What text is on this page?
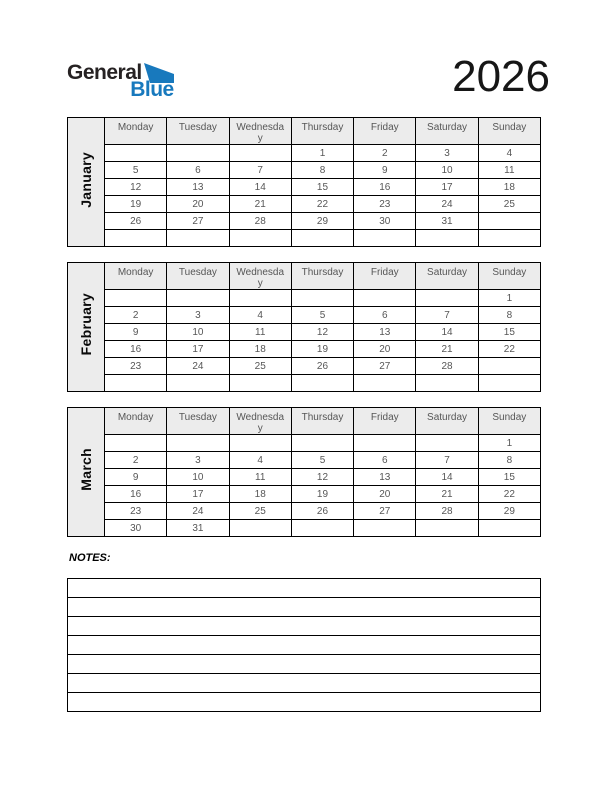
General
Blue	2026
January	Monday	Tuesday	Wednesday	Thursday	Friday	Saturday	Sunday
				1	2	3	4
	5	6	7	8	9	10	11
	12	13	14	15	16	17	18
	19	20	21	22	23	24	25
	26	27	28	29	30	31	

February	Monday	Tuesday	Wednesday	Thursday	Friday	Saturday	Sunday
							1
	2	3	4	5	6	7	8
	9	10	11	12	13	14	15
	16	17	18	19	20	21	22
	23	24	25	26	27	28	

March	Monday	Tuesday	Wednesday	Thursday	Friday	Saturday	Sunday
							1
	2	3	4	5	6	7	8
	9	10	11	12	13	14	15
	16	17	18	19	20	21	22
	23	24	25	26	27	28	29
	30	31					
NOTES:
